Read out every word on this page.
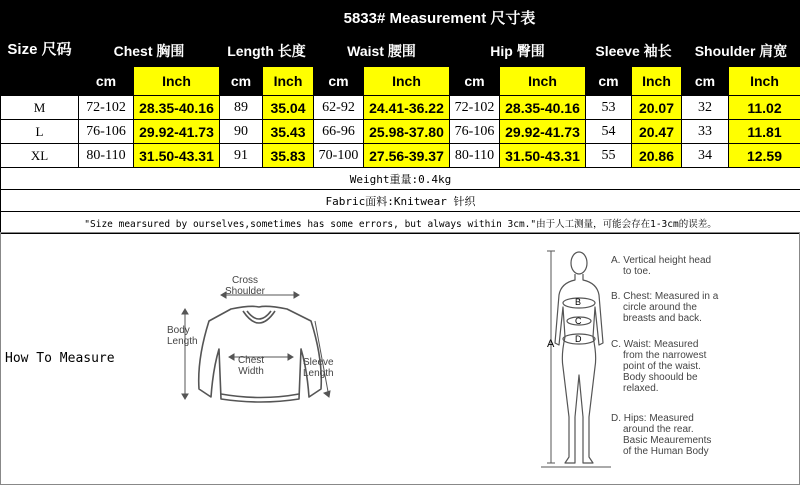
Size 尺码	5833# Measurement 尺寸表											
	Chest 胸围		Length 长度		Waist 腰围		Hip 臀围		Sleeve 袖长		Shoulder 肩宽	
	cm	Inch	cm	Inch	cm	Inch	cm	Inch	cm	Inch	cm	Inch
M	72-102	28.35-40.16	89	35.04	62-92	24.41-36.22	72-102	28.35-40.16	53	20.07	32	11.02
L	76-106	29.92-41.73	90	35.43	66-96	25.98-37.80	76-106	29.92-41.73	54	20.47	33	11.81
XL	80-110	31.50-43.31	91	35.83	70-100	27.56-39.37	80-110	31.50-43.31	55	20.86	34	12.59
Weight重量:0.4kg												
Fabric面料:Knitwear 针织												
"Size mearsured by ourselves,sometimes has some errors, but always within 3cm."由于人工测量，可能会存在1-3cm的误差。												
How To Measure
Cross
Shoulder
Body
Length
Chest
Width
Sleeve
Length
A
B
C
D
A. Vertical height head
to toe.
B. Chest: Measured in a
circle around the
breasts and back.
C. Waist: Measured
from the narrowest
point of the waist.
Body shoould be
relaxed.
D. Hips: Measured
around the rear.
Basic Meaurements
of the Human Body
